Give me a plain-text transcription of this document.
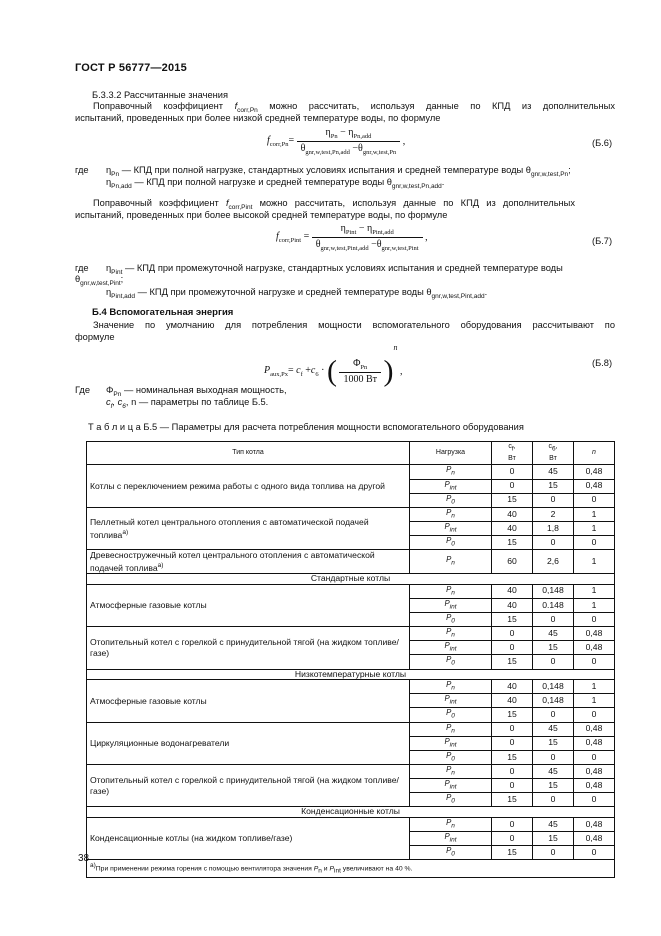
ГОСТ Р 56777—2015
Б.3.3.2 Рассчитанные значения
Поправочный коэффициент $f_{corr,Pn}$ можно рассчитать, используя данные по КПД из дополнительных
испытаний, проведенных при более низкой средней температуре воды, по формуле
$f_{corr,Pn}= \frac{\eta_{Pn} - \eta_{Pn,add}}{\theta_{gnr,w,test,Pn,add} -\theta_{gnr,w,test,Pn}}$ ,	(Б.6)
где $\eta_{Pn}$ — КПД при полной нагрузке, стандартных условиях испытания и средней температуре воды $\theta_{gnr,w,test,Pn}$;
$\eta_{Pn,add}$ — КПД при полной нагрузке и средней температуре воды $\theta_{gnr,w,test,Pn,add}$.
Поправочный коэффициент $f_{corr,Pint}$ можно рассчитать, используя данные по КПД из дополнительных
испытаний, проведенных при более высокой средней температуре воды, по формуле
$f_{corr,Pint} = \frac{\eta_{Pint} - \eta_{Pint,add}}{\theta_{gnr,w,test,Pint,add} -\theta_{gnr,w,test,Pint}}$ ,	(Б.7)
где $\eta_{Pint}$ — КПД при промежуточной нагрузке, стандартных условиях испытания и средней температуре воды
$\theta_{gnr,w,test,Pint}$;
$\eta_{Pint,add}$ — КПД при промежуточной нагрузке и средней температуре воды $\theta_{gnr,w,test,Pint,add}$.
Б.4 Вспомогательная энергия
Значение по умолчанию для потребления мощности вспомогательного оборудования рассчитывают по
формуле
$P_{aux,Px}= c_f +c_6$ · ( $\frac{\Phi_{Pn}}{1000 Вт} )^n$ ,
(Б.8)
Где $\Phi_{Pn}$ — номинальная выходная мощность,
$c_f$, $c_6$, n — параметры по таблице Б.5.
Т а б л и ц а Б.5 — Параметры для расчета потребления мощности вспомогательного оборудования
Тип котла	Нагрузка	$c_f$,
Вт	$c_6$,
Вт	n
Котлы с переключением режима работы с одного вида топлива на другой	$P_n$	0	45	0,48
	$P_{int}$	0	15	0,48
	$P_0$	15	0	0
Пеллетный котел центрального отопления с автоматической подачей топлива$^{а)}$	$P_n$	40	2	1
	$P_{int}$	40	1,8	1
	$P_0$	15	0	0
Древесностружечный котел центрального отопления с автоматической подачей топлива$^{а)}$	$P_n$	60	2,6	1
Стандартные котлы				
Атмосферные газовые котлы	$P_n$	40	0,148	1
	$P_{int}$	40	0.148	1
	$P_0$	15	0	0
Отопительный котел с горелкой с принудительной тягой (на жидком топливе/газе)	$P_n$	0	45	0,48
	$P_{int}$	0	15	0,48
	$P_0$	15	0	0
Низкотемпературные котлы				
Атмосферные газовые котлы	$P_n$	40	0,148	1
	$P_{int}$	40	0,148	1
	$P_0$	15	0	0
Циркуляционные водонагреватели	$P_n$	0	45	0,48
	$P_{int}$	0	15	0,48
	$P_0$	15	0	0
Отопительный котел с горелкой с принудительной тягой (на жидком топливе/газе)	$P_n$	0	45	0,48
	$P_{int}$	0	15	0,48
	$P_0$	15	0	0
Конденсационные котлы				
Конденсационные котлы (на жидком топливе/газе)	$P_n$	0	45	0,48
	$P_{int}$	0	15	0,48
	$P_0$	15	0	0
$^{а)}$При применении режима горения с помощью вентилятора значения $P_n$ и $P_{int}$ увеличивают на 40 %.				
38
